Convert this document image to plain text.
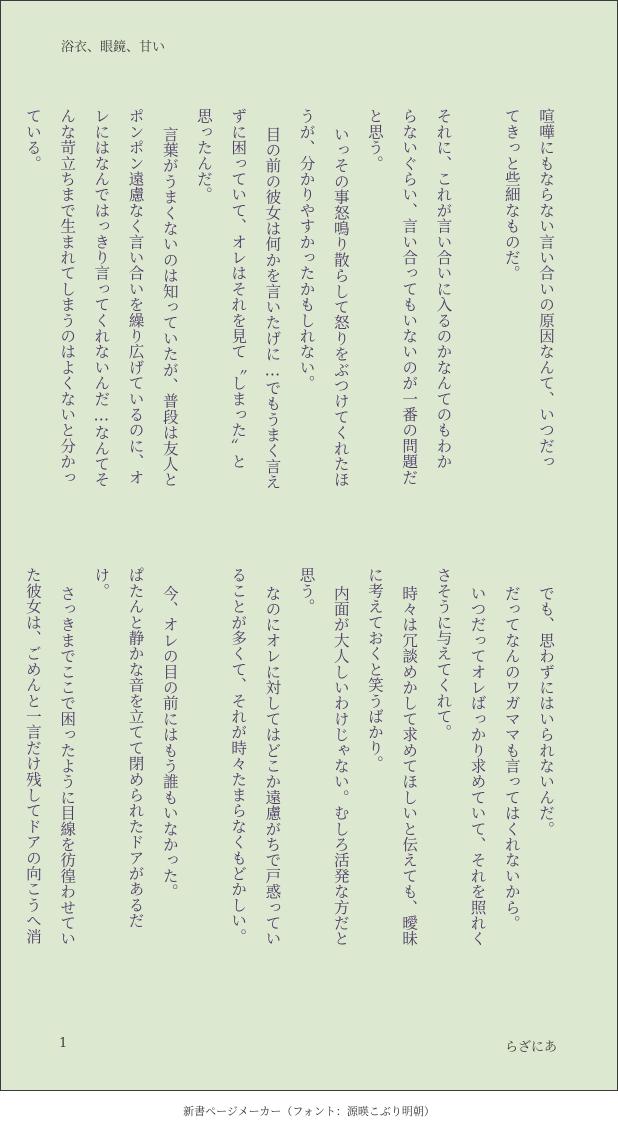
浴衣、眼鏡、甘い
喧嘩にもならない言い合いの原因なんて、いつだっ
てきっと些細なものだ。

それに、これが言い合いに入るのかなんてのもわか
らないぐらい、言い合ってもいないのが一番の問題だ
と思う。
いっその事怒鳴り散らして怒りをぶつけてくれたほ
うが、分かりやすかったかもしれない。
目の前の彼女は何かを言いたげに…でもうまく言え
ずに困っていて、オレはそれを見て〝しまった〟と
思ったんだ。
言葉がうまくないのは知っていたが、普段は友人と
ポンポン遠慮なく言い合いを繰り広げているのに、オ
レにはなんではっきり言ってくれないんだ…なんてそ
んな苛立ちまで生まれてしまうのはよくないと分かっ
ている。
でも、思わずにはいられないんだ。
だってなんのワガママも言ってはくれないから。
いつだってオレばっかり求めていて、それを照れく
さそうに与えてくれて。
時々は冗談めかして求めてほしいと伝えても、曖昧
に考えておくと笑うばかり。
内面が大人しいわけじゃない。むしろ活発な方だと
思う。
なのにオレに対してはどこか遠慮がちで戸惑ってい
ることが多くて、それが時々たまらなくもどかしい。

今、オレの目の前にはもう誰もいなかった。
ぱたんと静かな音を立てて閉められたドアがあるだ
け。
さっきまでここで困ったように目線を彷徨わせてい
た彼女は、ごめんと一言だけ残してドアの向こうへ消
1	らざにあ
新書ページメーカー（フォント：源暎こぶり明朝）
